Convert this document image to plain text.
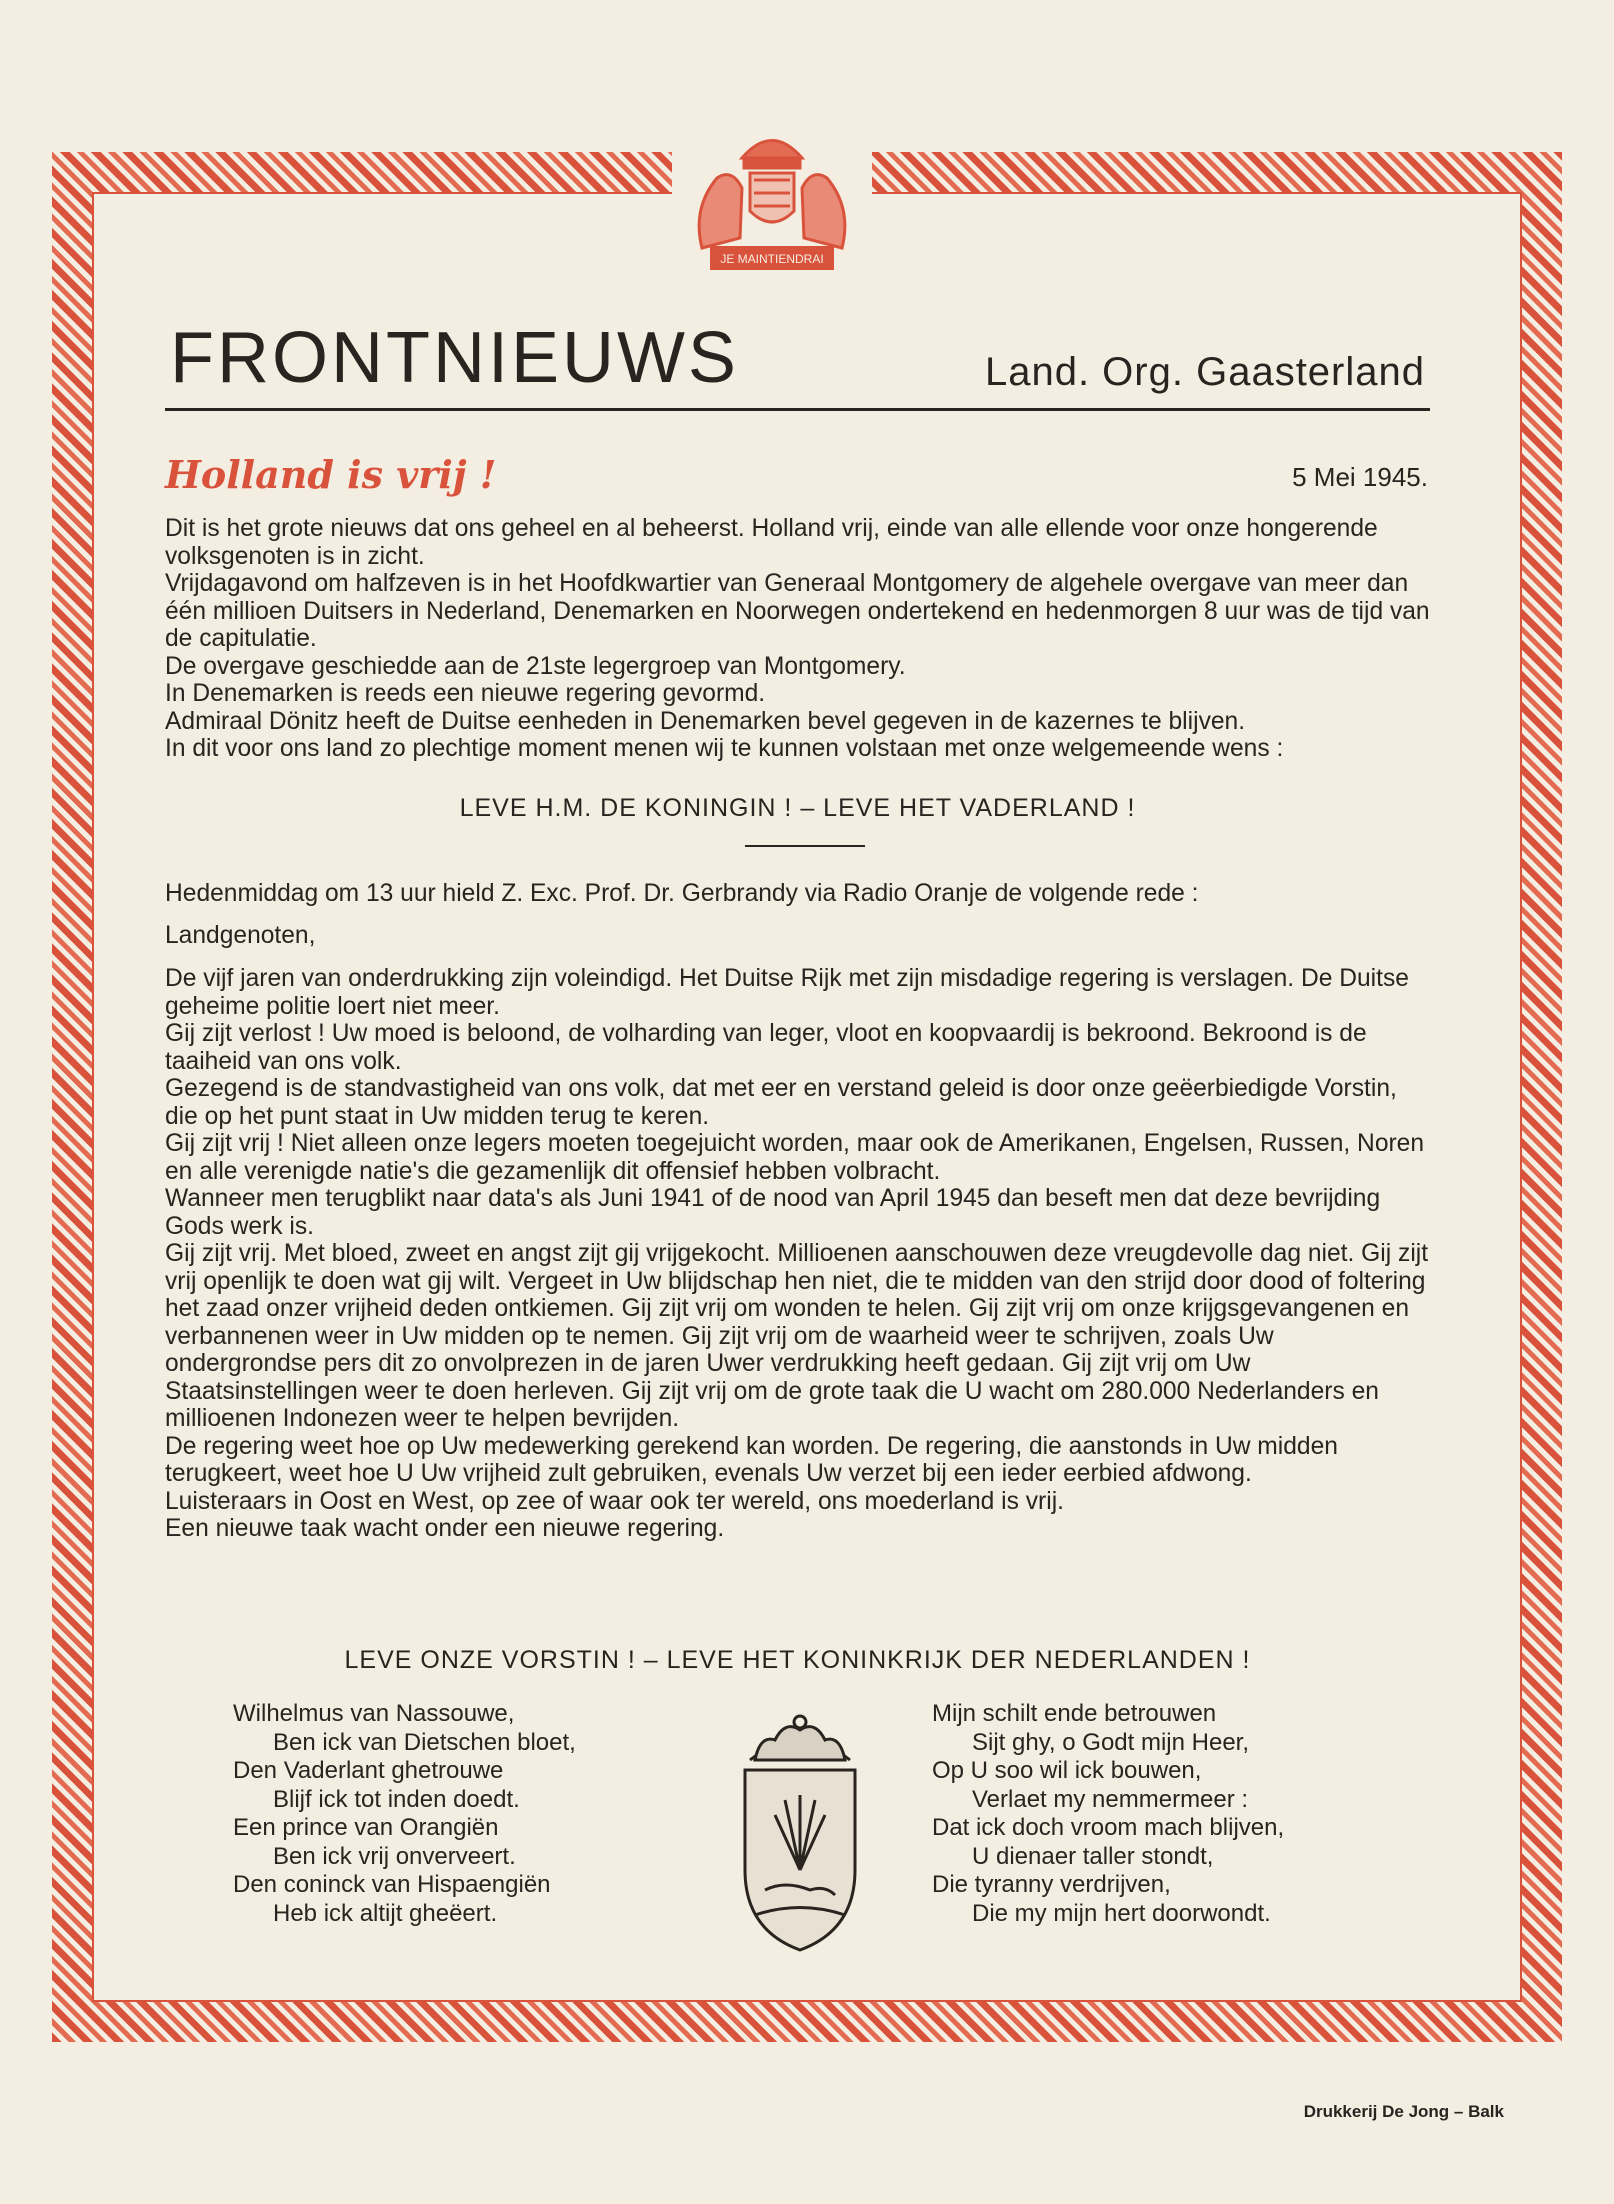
JE MAINTIENDRAI
FRONTNIEUWS	Land. Org. Gaasterland
Holland is vrij !	5 Mei 1945.

Dit is het grote nieuws dat ons geheel en al beheerst. Holland vrij, einde van alle ellende voor onze hongerende volksgenoten is in zicht.

Vrijdagavond om halfzeven is in het Hoofdkwartier van Generaal Montgomery de algehele overgave van meer dan één millioen Duitsers in Nederland, Denemarken en Noorwegen ondertekend en hedenmorgen 8 uur was de tijd van de capitulatie.

De overgave geschiedde aan de 21ste legergroep van Montgomery.

In Denemarken is reeds een nieuwe regering gevormd.

Admiraal Dönitz heeft de Duitse eenheden in Denemarken bevel gegeven in de kazernes te blijven.

In dit voor ons land zo plechtige moment menen wij te kunnen volstaan met onze welgemeende wens :

LEVE H.M. DE KONINGIN ! – LEVE HET VADERLAND !
Hedenmiddag om 13 uur hield Z. Exc. Prof. Dr. Gerbrandy via Radio Oranje de volgende rede :
Landgenoten,

De vijf jaren van onderdrukking zijn voleindigd. Het Duitse Rijk met zijn misdadige regering is verslagen. De Duitse geheime politie loert niet meer.

Gij zijt verlost ! Uw moed is beloond, de volharding van leger, vloot en koopvaardij is bekroond. Bekroond is de taaiheid van ons volk.

Gezegend is de standvastigheid van ons volk, dat met eer en verstand geleid is door onze geëerbiedigde Vorstin, die op het punt staat in Uw midden terug te keren.

Gij zijt vrij ! Niet alleen onze legers moeten toegejuicht worden, maar ook de Amerikanen, Engelsen, Russen, Noren en alle verenigde natie's die gezamenlijk dit offensief hebben volbracht.

Wanneer men terugblikt naar data's als Juni 1941 of de nood van April 1945 dan beseft men dat deze bevrijding Gods werk is.

Gij zijt vrij. Met bloed, zweet en angst zijt gij vrijgekocht. Millioenen aanschouwen deze vreugdevolle dag niet. Gij zijt vrij openlijk te doen wat gij wilt. Vergeet in Uw blijdschap hen niet, die te midden van den strijd door dood of foltering het zaad onzer vrijheid deden ontkiemen. Gij zijt vrij om wonden te helen. Gij zijt vrij om onze krijgsgevangenen en verbannenen weer in Uw midden op te nemen. Gij zijt vrij om de waarheid weer te schrijven, zoals Uw ondergrondse pers dit zo onvolprezen in de jaren Uwer verdrukking heeft gedaan. Gij zijt vrij om Uw Staatsinstellingen weer te doen herleven. Gij zijt vrij om de grote taak die U wacht om 280.000 Nederlanders en millioenen Indonezen weer te helpen bevrijden.

De regering weet hoe op Uw medewerking gerekend kan worden. De regering, die aanstonds in Uw midden terugkeert, weet hoe U Uw vrijheid zult gebruiken, evenals Uw verzet bij een ieder eerbied afdwong.

Luisteraars in Oost en West, op zee of waar ook ter wereld, ons moederland is vrij.

Een nieuwe taak wacht onder een nieuwe regering.

LEVE ONZE VORSTIN ! – LEVE HET KONINKRIJK DER NEDERLANDEN !
Wilhelmus van Nassouwe,
Ben ick van Dietschen bloet,
Den Vaderlant ghetrouwe
Blijf ick tot inden doedt.
Een prince van Orangiën
Ben ick vrij onverveert.
Den coninck van Hispaengiën
Heb ick altijt gheëert.
Mijn schilt ende betrouwen
Sijt ghy, o Godt mijn Heer,
Op U soo wil ick bouwen,
Verlaet my nemmermeer :
Dat ick doch vroom mach blijven,
U dienaer taller stondt,
Die tyranny verdrijven,
Die my mijn hert doorwondt.
Drukkerij De Jong – Balk
